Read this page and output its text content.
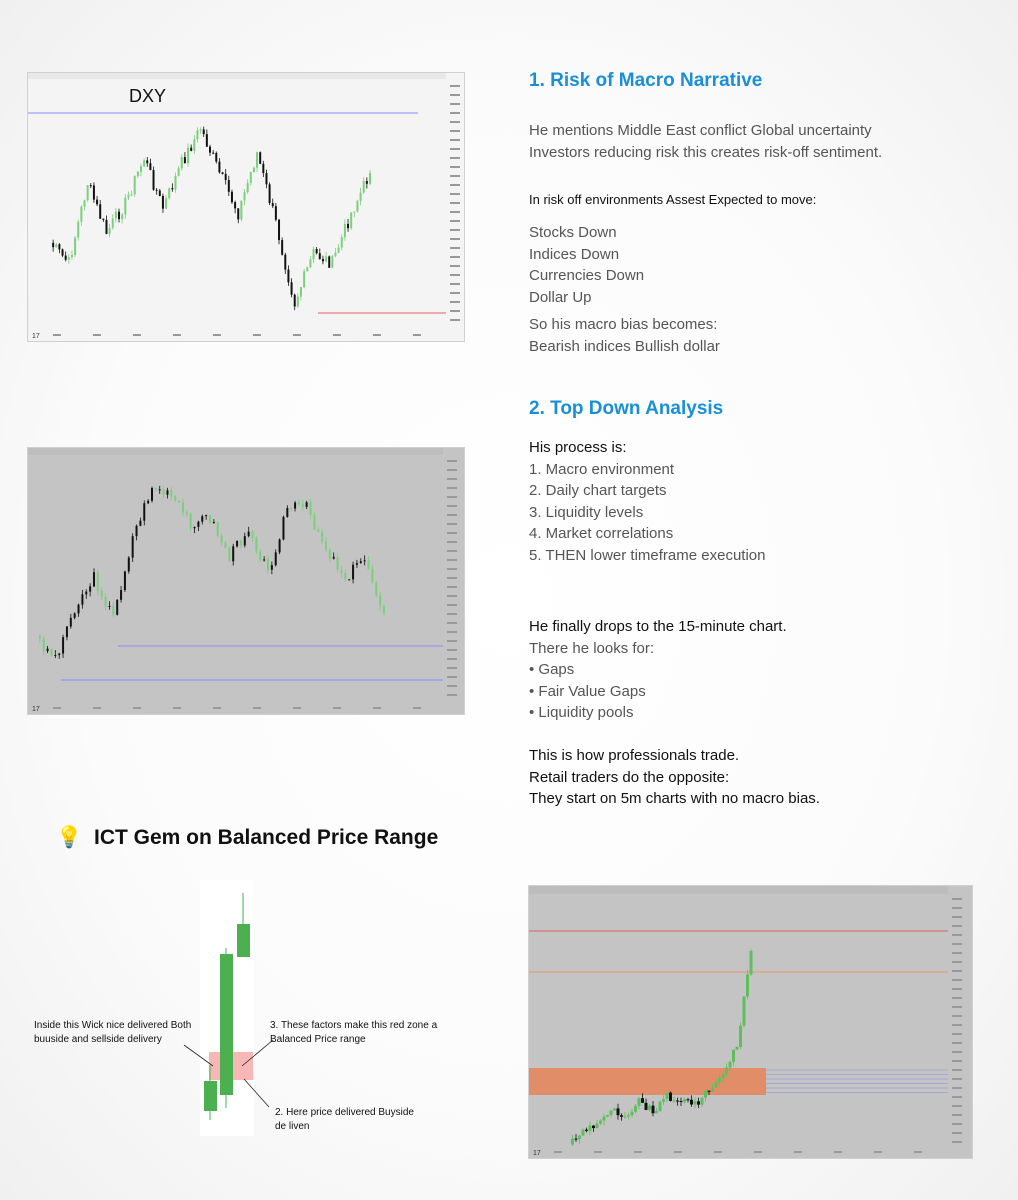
17
DXY
17
17
1. Risk of Macro Narrative
He mentions Middle East conflict Global uncertainty
Investors reducing risk this creates risk-off sentiment.
In risk off environments Assest Expected to move:
Stocks Down
Indices Down
Currencies Down
Dollar Up
So his macro bias becomes:
Bearish indices Bullish dollar
2. Top Down Analysis
His process is:
1. Macro environment
2. Daily chart targets
3. Liquidity levels
4. Market correlations
5. THEN lower timeframe execution
He finally drops to the 15-minute chart.
There he looks for:
• Gaps
• Fair Value Gaps
• Liquidity pools
This is how professionals trade.
Retail traders do the opposite:
They start on 5m charts with no macro bias.
💡 ICT Gem on Balanced Price Range
Inside this Wick nice delivered Both
buuside and sellside delivery
3. These factors make this red zone a
Balanced Price range
2. Here price delivered Buyside
de liven
